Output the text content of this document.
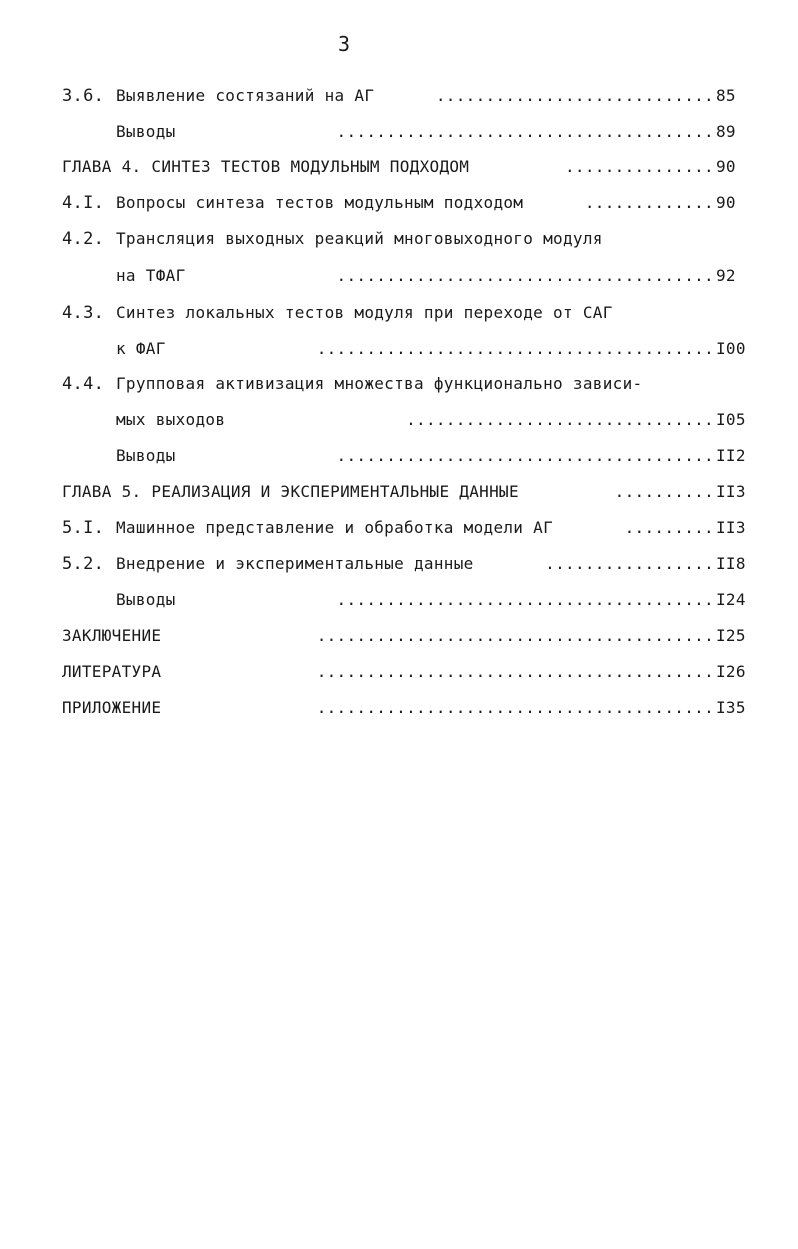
3
3.6. Выявление состязаний на АГ	85
............................
Выводы	89
......................................
ГЛАВА 4. СИНТЕЗ ТЕСТОВ МОДУЛЬНЫМ ПОДХОДОМ	90
...............
4.I. Вопросы синтеза тестов модульным подходом	90
.............
4.2. Трансляция выходных реакций многовыходного модуля
на ТФАГ	92
......................................
4.3. Синтез локальных тестов модуля при переходе от САГ
к ФАГ	I00
........................................
4.4. Групповая активизация множества функционально зависи-
мых выходов	I05
...............................
Выводы	II2
......................................
ГЛАВА 5. РЕАЛИЗАЦИЯ И ЭКСПЕРИМЕНТАЛЬНЫЕ ДАННЫЕ	II3
..........
5.I. Машинное представление и обработка модели АГ	II3
.........
5.2. Внедрение и экспериментальные данные	II8
.................
Выводы	I24
......................................
ЗАКЛЮЧЕНИЕ	I25
........................................
ЛИТЕРАТУРА	I26
........................................
ПРИЛОЖЕНИЕ	I35
........................................
